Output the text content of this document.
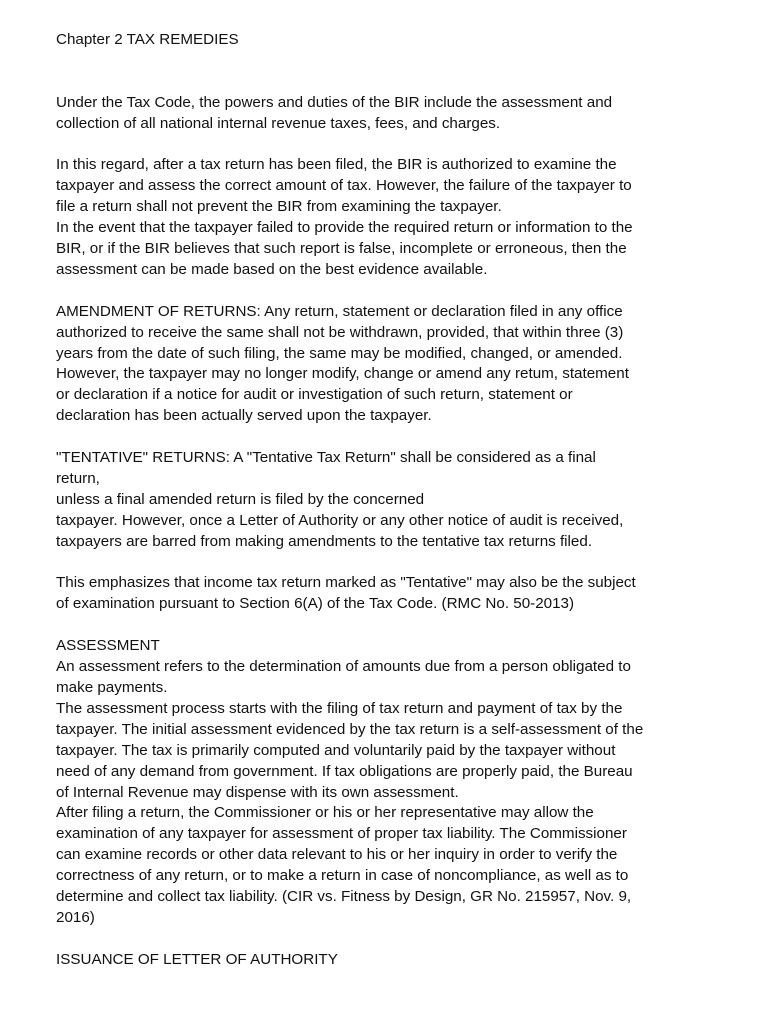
Chapter 2 TAX REMEDIES

Under the Tax Code, the powers and duties of the BIR include the assessment and
collection of all national internal revenue taxes, fees, and charges.
In this regard, after a tax return has been filed, the BIR is authorized to examine the
taxpayer and assess the correct amount of tax. However, the failure of the taxpayer to
file a return shall not prevent the BIR from examining the taxpayer.
In the event that the taxpayer failed to provide the required return or information to the
BIR, or if the BIR believes that such report is false, incomplete or erroneous, then the
assessment can be made based on the best evidence available.
AMENDMENT OF RETURNS: Any return, statement or declaration filed in any office
authorized to receive the same shall not be withdrawn, provided, that within three (3)
years from the date of such filing, the same may be modified, changed, or amended.
However, the taxpayer may no longer modify, change or amend any retum, statement
or declaration if a notice for audit or investigation of such return, statement or
declaration has been actually served upon the taxpayer.
"TENTATIVE" RETURNS: A "Tentative Tax Return" shall be considered as a final
return,
unless a final amended return is filed by the concerned
taxpayer. However, once a Letter of Authority or any other notice of audit is received,
taxpayers are barred from making amendments to the tentative tax returns filed.
This emphasizes that income tax return marked as "Tentative" may also be the subject
of examination pursuant to Section 6(A) of the Tax Code. (RMC No. 50-2013)
ASSESSMENT
An assessment refers to the determination of amounts due from a person obligated to
make payments.
The assessment process starts with the filing of tax return and payment of tax by the
taxpayer. The initial assessment evidenced by the tax return is a self-assessment of the
taxpayer. The tax is primarily computed and voluntarily paid by the taxpayer without
need of any demand from government. If tax obligations are properly paid, the Bureau
of Internal Revenue may dispense with its own assessment.
After filing a return, the Commissioner or his or her representative may allow the
examination of any taxpayer for assessment of proper tax liability. The Commissioner
can examine records or other data relevant to his or her inquiry in order to verify the
correctness of any return, or to make a return in case of noncompliance, as well as to
determine and collect tax liability. (CIR vs. Fitness by Design, GR No. 215957, Nov. 9,
2016)
ISSUANCE OF LETTER OF AUTHORITY
